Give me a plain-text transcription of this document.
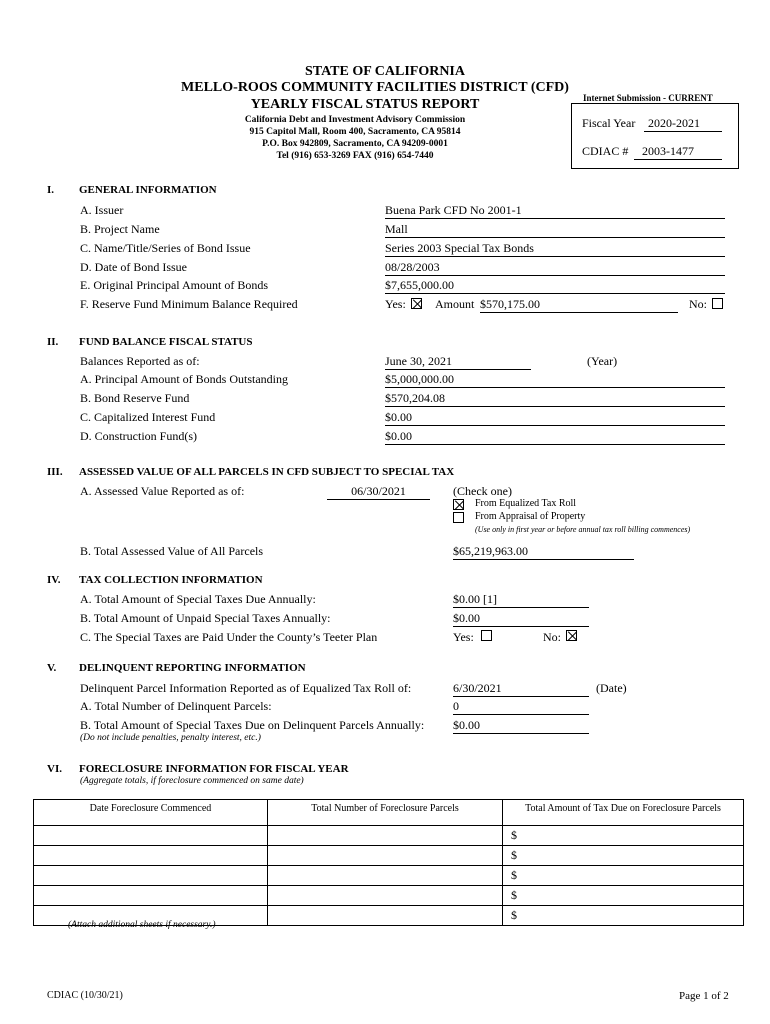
STATE OF CALIFORNIA
MELLO-ROOS COMMUNITY FACILITIES DISTRICT (CFD)
YEARLY FISCAL STATUS REPORT
California Debt and Investment Advisory Commission
915 Capitol Mall, Room 400, Sacramento, CA 95814
P.O. Box 942809, Sacramento, CA 94209-0001
Tel (916) 653-3269 FAX (916) 654-7440
Internet Submission - CURRENT
Fiscal Year	2020-2021
CDIAC #	2003-1477
I. GENERAL INFORMATION
A. Issuer	Buena Park CFD No 2001-1
B. Project Name	Mall
C. Name/Title/Series of Bond Issue	Series 2003 Special Tax Bonds
D. Date of Bond Issue	08/28/2003
E. Original Principal Amount of Bonds	$7,655,000.00
F. Reserve Fund Minimum Balance Required	Yes: Amount $570,175.00	No:
II. FUND BALANCE FISCAL STATUS
Balances Reported as of:	June 30, 2021	(Year)
A. Principal Amount of Bonds Outstanding	$5,000,000.00
B. Bond Reserve Fund	$570,204.08
C. Capitalized Interest Fund	$0.00
D. Construction Fund(s)	$0.00
III. ASSESSED VALUE OF ALL PARCELS IN CFD SUBJECT TO SPECIAL TAX
A. Assessed Value Reported as of:	06/30/2021	(Check one)
From Equalized Tax Roll
From Appraisal of Property
(Use only in first year or before annual tax roll billing commences)
B. Total Assessed Value of All Parcels	$65,219,963.00
IV. TAX COLLECTION INFORMATION
A. Total Amount of Special Taxes Due Annually:	$0.00 [1]
B. Total Amount of Unpaid Special Taxes Annually:	$0.00
C. The Special Taxes are Paid Under the County’s Teeter Plan	Yes:	No:
V. DELINQUENT REPORTING INFORMATION
Delinquent Parcel Information Reported as of Equalized Tax Roll of:	6/30/2021	(Date)
A. Total Number of Delinquent Parcels:	0
B. Total Amount of Special Taxes Due on Delinquent Parcels Annually: $0.00
(Do not include penalties, penalty interest, etc.)
VI. FORECLOSURE INFORMATION FOR FISCAL YEAR
(Aggregate totals, if foreclosure commenced on same date)
Date Foreclosure Commenced	Total Number of Foreclosure Parcels	Total Amount of Tax Due on Foreclosure Parcels
		$
		$
		$
		$
		$
(Attach additional sheets if necessary.)
CDIAC (10/30/21)	Page 1 of 2
